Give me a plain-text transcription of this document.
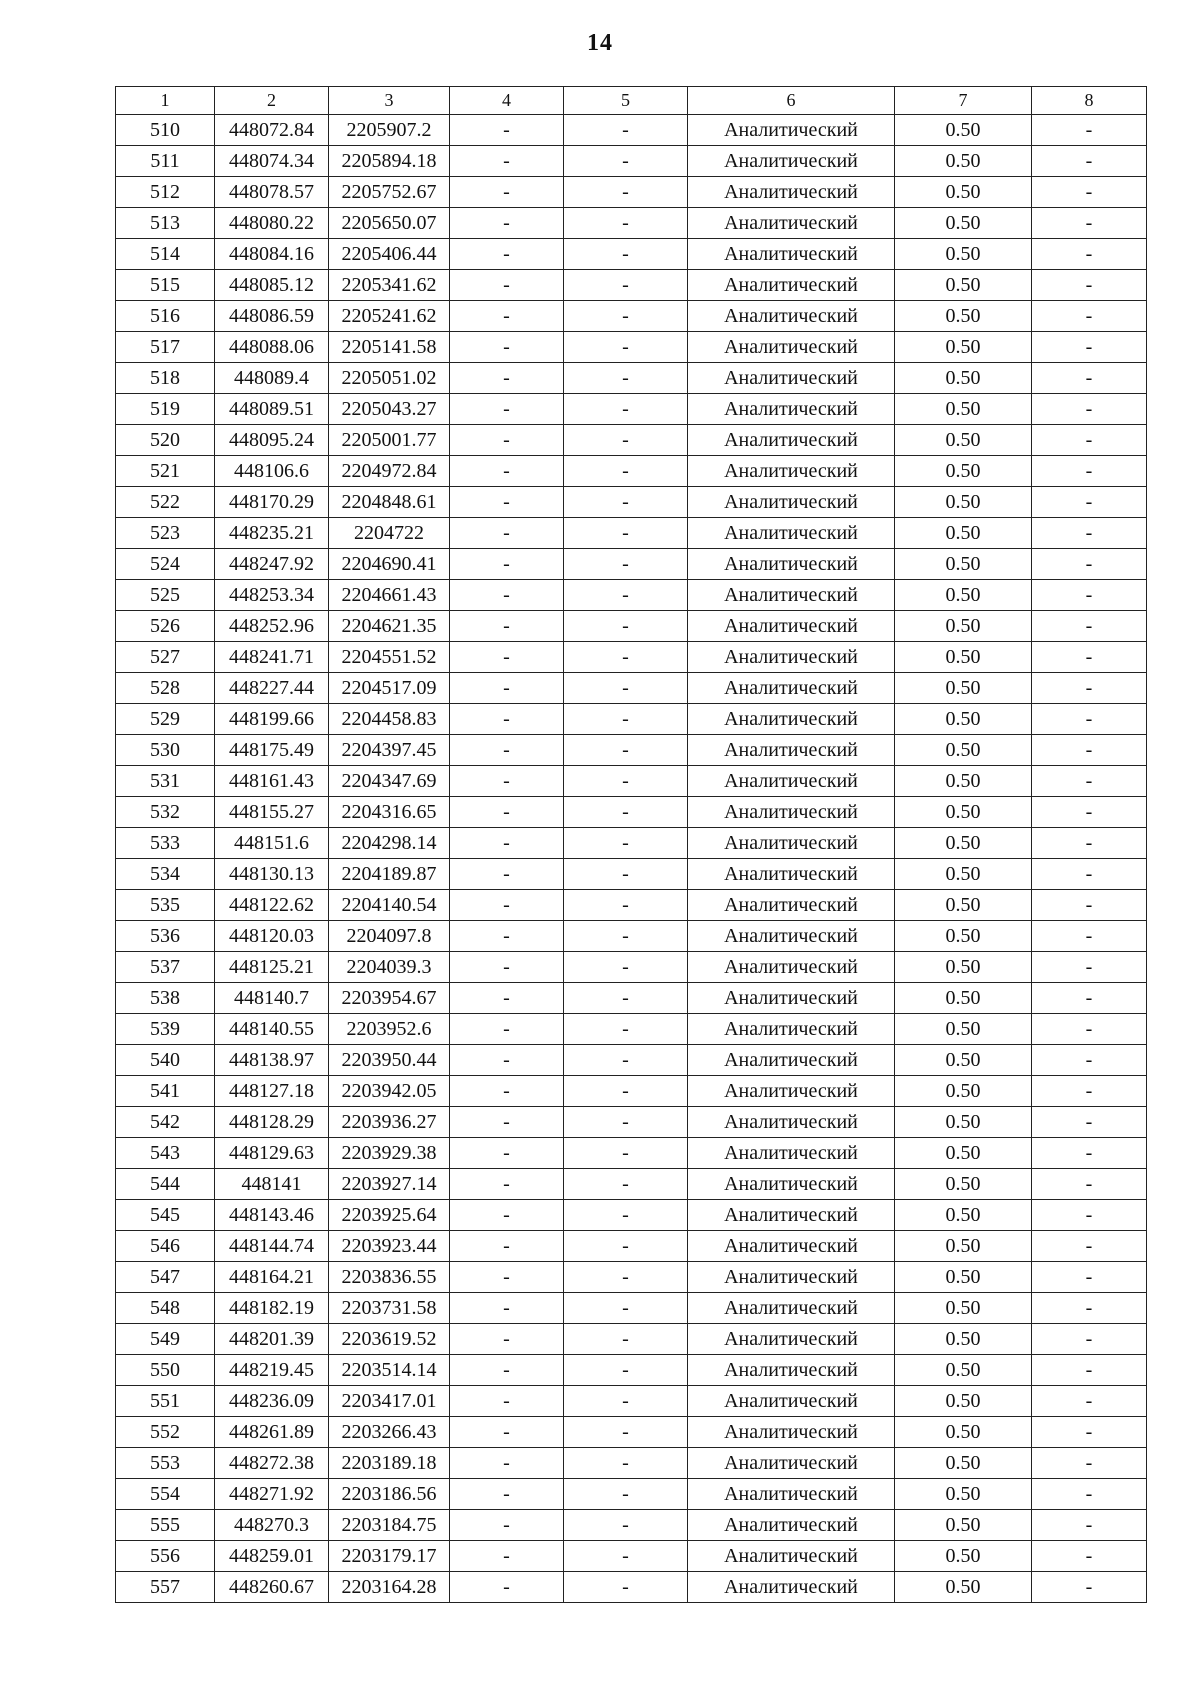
14
1	2	3	4	5	6	7	8
510	448072.84	2205907.2	-	-	Аналитический	0.50	-
511	448074.34	2205894.18	-	-	Аналитический	0.50	-
512	448078.57	2205752.67	-	-	Аналитический	0.50	-
513	448080.22	2205650.07	-	-	Аналитический	0.50	-
514	448084.16	2205406.44	-	-	Аналитический	0.50	-
515	448085.12	2205341.62	-	-	Аналитический	0.50	-
516	448086.59	2205241.62	-	-	Аналитический	0.50	-
517	448088.06	2205141.58	-	-	Аналитический	0.50	-
518	448089.4	2205051.02	-	-	Аналитический	0.50	-
519	448089.51	2205043.27	-	-	Аналитический	0.50	-
520	448095.24	2205001.77	-	-	Аналитический	0.50	-
521	448106.6	2204972.84	-	-	Аналитический	0.50	-
522	448170.29	2204848.61	-	-	Аналитический	0.50	-
523	448235.21	2204722	-	-	Аналитический	0.50	-
524	448247.92	2204690.41	-	-	Аналитический	0.50	-
525	448253.34	2204661.43	-	-	Аналитический	0.50	-
526	448252.96	2204621.35	-	-	Аналитический	0.50	-
527	448241.71	2204551.52	-	-	Аналитический	0.50	-
528	448227.44	2204517.09	-	-	Аналитический	0.50	-
529	448199.66	2204458.83	-	-	Аналитический	0.50	-
530	448175.49	2204397.45	-	-	Аналитический	0.50	-
531	448161.43	2204347.69	-	-	Аналитический	0.50	-
532	448155.27	2204316.65	-	-	Аналитический	0.50	-
533	448151.6	2204298.14	-	-	Аналитический	0.50	-
534	448130.13	2204189.87	-	-	Аналитический	0.50	-
535	448122.62	2204140.54	-	-	Аналитический	0.50	-
536	448120.03	2204097.8	-	-	Аналитический	0.50	-
537	448125.21	2204039.3	-	-	Аналитический	0.50	-
538	448140.7	2203954.67	-	-	Аналитический	0.50	-
539	448140.55	2203952.6	-	-	Аналитический	0.50	-
540	448138.97	2203950.44	-	-	Аналитический	0.50	-
541	448127.18	2203942.05	-	-	Аналитический	0.50	-
542	448128.29	2203936.27	-	-	Аналитический	0.50	-
543	448129.63	2203929.38	-	-	Аналитический	0.50	-
544	448141	2203927.14	-	-	Аналитический	0.50	-
545	448143.46	2203925.64	-	-	Аналитический	0.50	-
546	448144.74	2203923.44	-	-	Аналитический	0.50	-
547	448164.21	2203836.55	-	-	Аналитический	0.50	-
548	448182.19	2203731.58	-	-	Аналитический	0.50	-
549	448201.39	2203619.52	-	-	Аналитический	0.50	-
550	448219.45	2203514.14	-	-	Аналитический	0.50	-
551	448236.09	2203417.01	-	-	Аналитический	0.50	-
552	448261.89	2203266.43	-	-	Аналитический	0.50	-
553	448272.38	2203189.18	-	-	Аналитический	0.50	-
554	448271.92	2203186.56	-	-	Аналитический	0.50	-
555	448270.3	2203184.75	-	-	Аналитический	0.50	-
556	448259.01	2203179.17	-	-	Аналитический	0.50	-
557	448260.67	2203164.28	-	-	Аналитический	0.50	-
